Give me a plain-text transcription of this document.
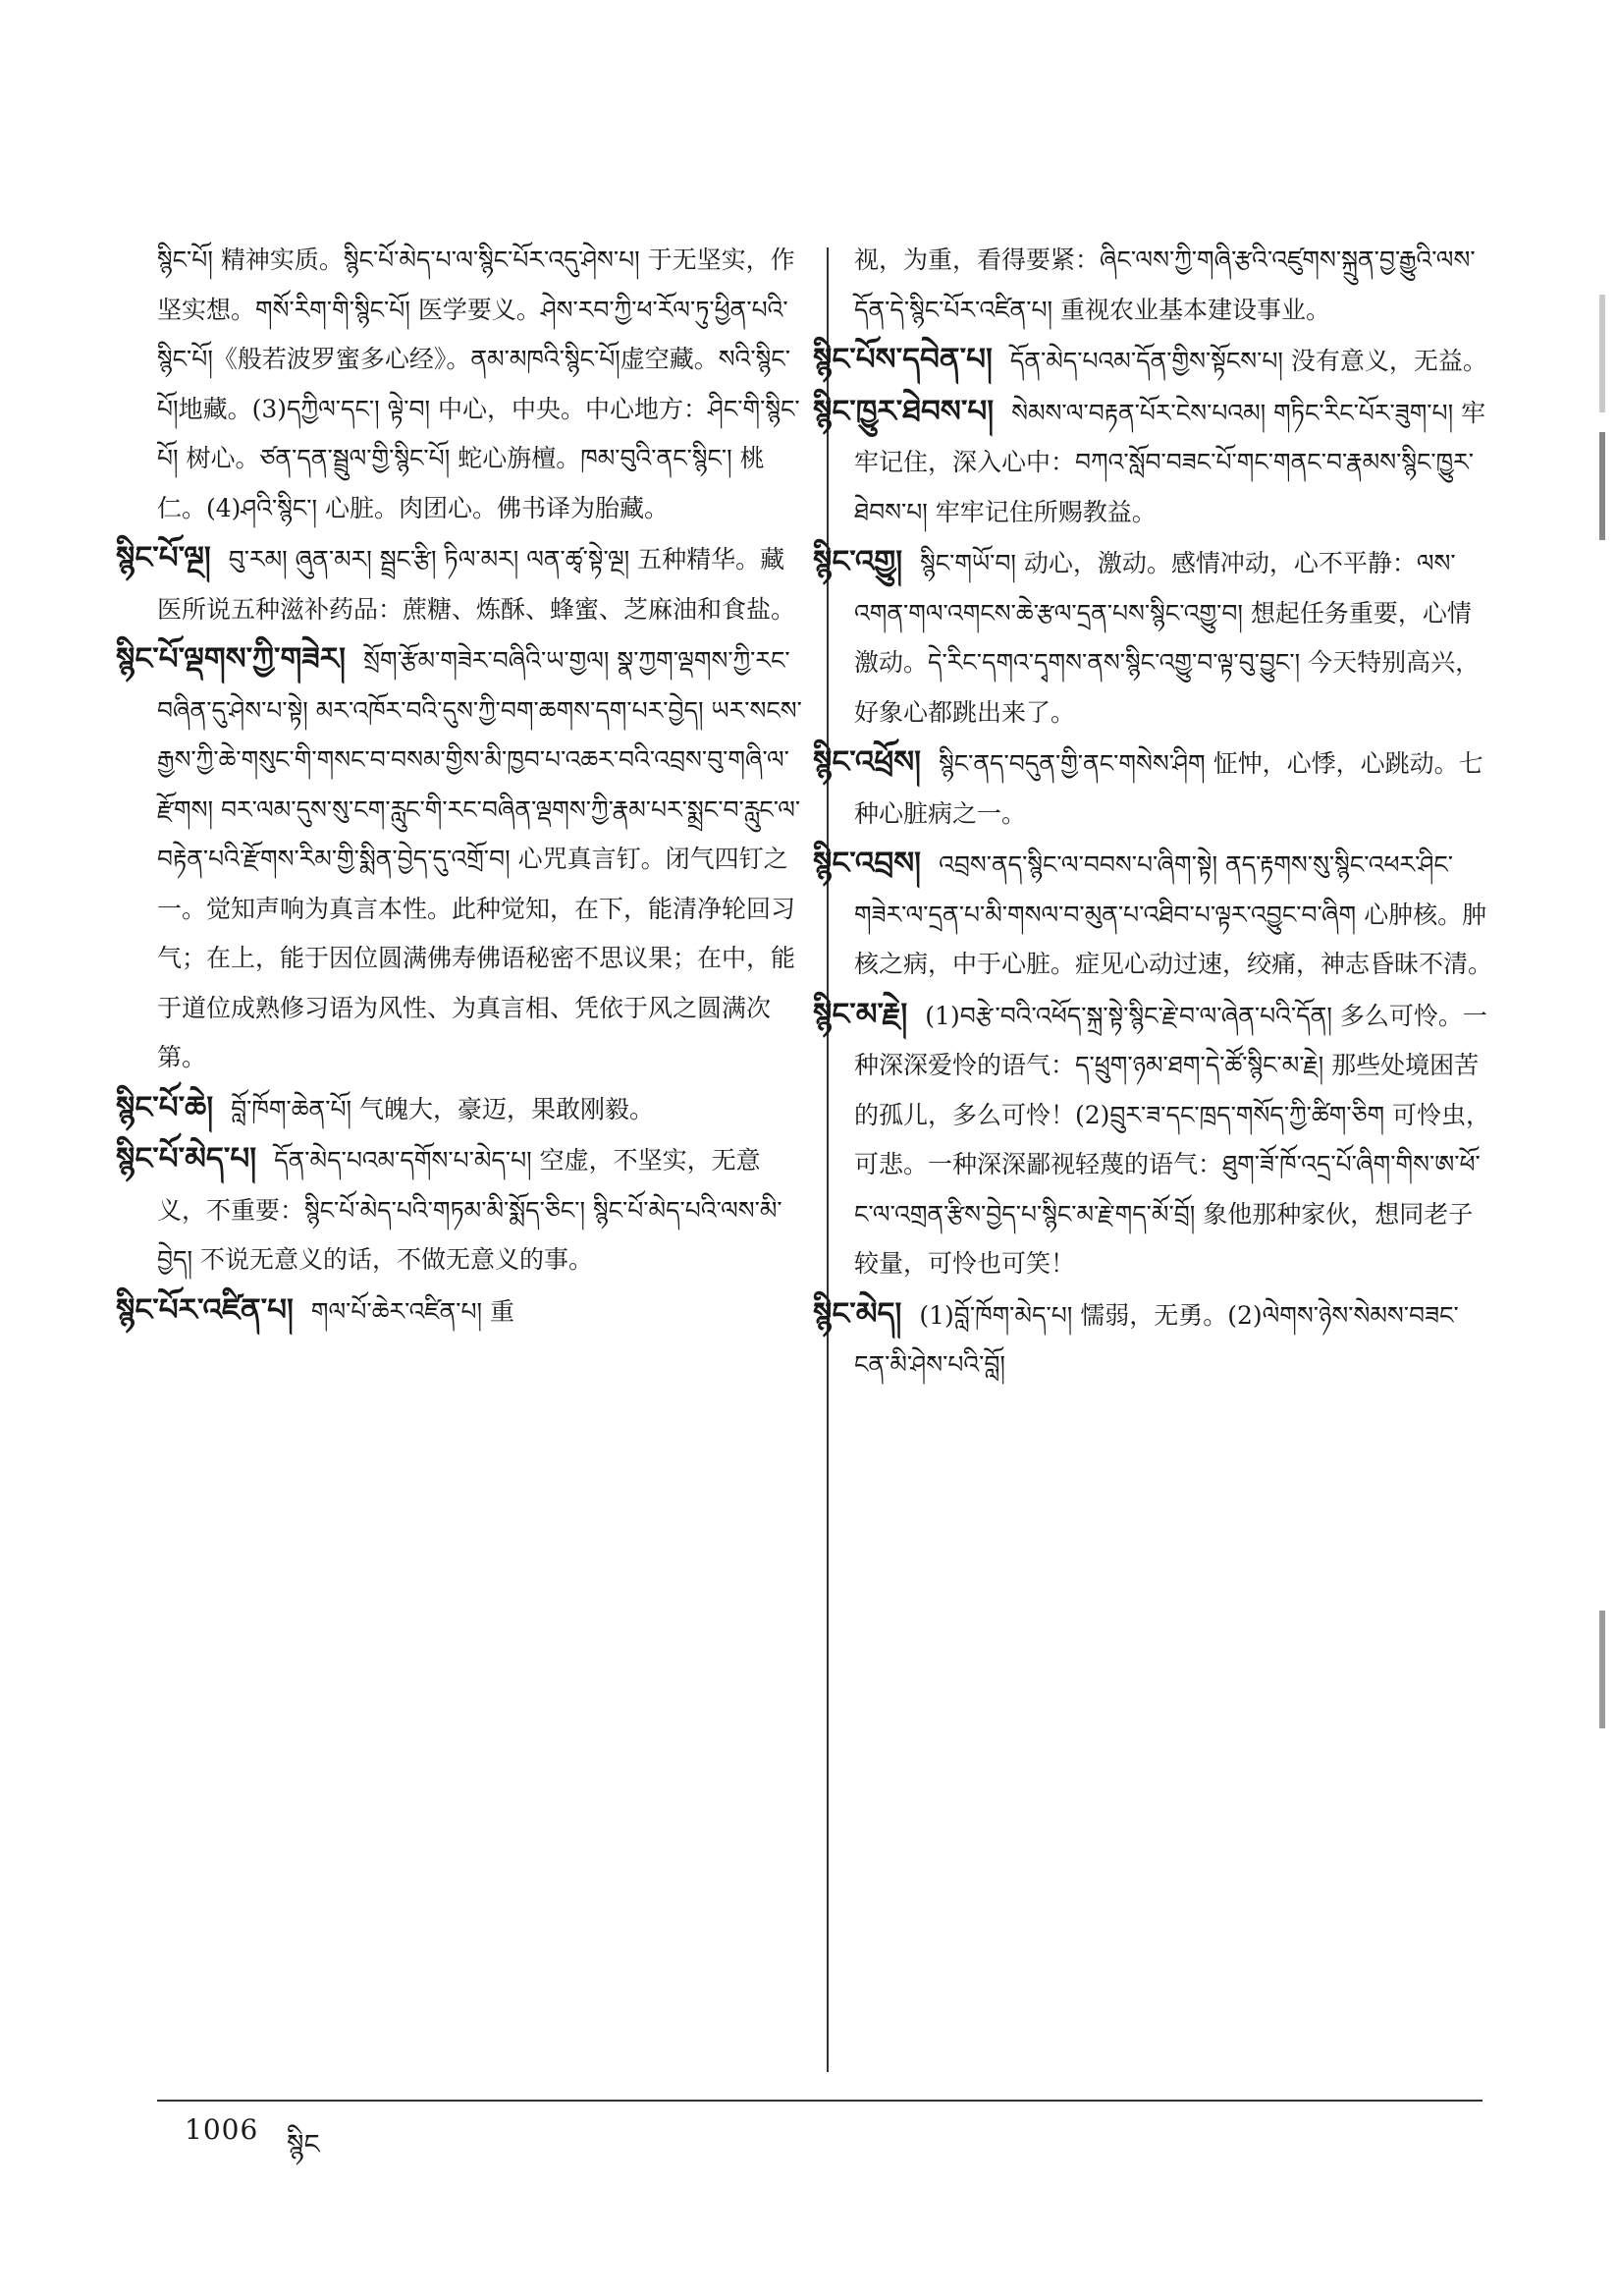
སྙིང་པོ། 精神实质。སྙིང་པོ་མེད་པ་ལ་སྙིང་པོར་འདུ་ཤེས་པ། 于无坚实，作坚实想。གསོ་རིག་གི་སྙིང་པོ། 医学要义。ཤེས་རབ་ཀྱི་ཕ་རོལ་ཏུ་ཕྱིན་པའི་སྙིང་པོ།《般若波罗蜜多心经》。ནམ་མཁའི་སྙིང་པོ།虚空藏。སའི་སྙིང་པོ།地藏。(3)དཀྱིལ་དང་། ལྟེ་བ། 中心，中央。中心地方：ཤིང་གི་སྙིང་པོ། 树心。ཙན་དན་སྦྲུལ་གྱི་སྙིང་པོ། 蛇心旃檀。ཁམ་བུའི་ནང་སྙིང་། 桃仁。(4)ཤའི་སྙིང་། 心脏。肉团心。佛书译为胎藏。

སྙིང་པོ་ལྔ། བུ་རམ། ཞུན་མར། སྦྲང་རྩི། ཏིལ་མར། ལན་ཚྭ་སྟེ་ལྔ། 五种精华。藏医所说五种滋补药品：蔗糖、炼酥、蜂蜜、芝麻油和食盐。

སྙིང་པོ་ལྡགས་ཀྱི་གཟེར། སྲོག་རྩོམ་གཟེར་བཞིའི་ཡ་གྱལ། སྣ་ཀྱག་ལྡགས་ཀྱི་རང་བཞིན་དུ་ཤེས་པ་སྟེ། མར་འཁོར་བའི་དུས་ཀྱི་བག་ཆགས་དག་པར་བྱེད། ཡར་སངས་རྒྱས་ཀྱི་ཆེ་གསུང་གི་གསང་བ་བསམ་གྱིས་མི་ཁྱབ་པ་འཆར་བའི་འབྲས་བུ་གཞི་ལ་རྫོགས། བར་ལམ་དུས་སུ་ངག་རླུང་གི་རང་བཞིན་ལྡགས་ཀྱི་རྣམ་པར་སྨྲང་བ་རླུང་ལ་བརྟེན་པའི་རྫོགས་རིམ་གྱི་སྨིན་བྱེད་དུ་འགྲོ་བ། 心咒真言钉。闭气四钉之一。觉知声响为真言本性。此种觉知，在下，能清净轮回习气；在上，能于因位圆满佛寿佛语秘密不思议果；在中，能于道位成熟修习语为风性、为真言相、凭依于风之圆满次第。

སྙིང་པོ་ཆེ། བློ་ཁོག་ཆེན་པོ། 气魄大，豪迈，果敢刚毅。

སྙིང་པོ་མེད་པ། དོན་མེད་པའམ་དགོས་པ་མེད་པ། 空虚，不坚实，无意义，不重要：སྙིང་པོ་མེད་པའི་གཏམ་མི་སྨོད་ཅིང་། སྙིང་པོ་མེད་པའི་ལས་མི་བྱེད། 不说无意义的话，不做无意义的事。

སྙིང་པོར་འཛིན་པ། གལ་པོ་ཆེར་འཛིན་པ། 重

视，为重，看得要紧：ཞིང་ལས་ཀྱི་གཞི་རྩའི་འཛུགས་སྐྲུན་བྱ་རྒྱུའི་ལས་དོན་དེ་སྙིང་པོར་འཛིན་པ། 重视农业基本建设事业。

སྙིང་པོས་དབེན་པ། དོན་མེད་པའམ་དོན་གྱིས་སྟོངས་པ། 没有意义，无益。

སྙིང་ཁྱུར་ཐེབས་པ། སེམས་ལ་བརྟན་པོར་ངེས་པའམ། གཏིང་རིང་པོར་ཟུག་པ། 牢牢记住，深入心中：བཀའ་སློབ་བཟང་པོ་གང་གནང་བ་རྣམས་སྙིང་ཁྱུར་ཐེབས་པ། 牢牢记住所赐教益。

སྙིང་འགྱུ། སྙིང་གཡོ་བ། 动心，激动。感情冲动，心不平静：ལས་འགན་གལ་འགངས་ཆེ་རྩལ་དྲན་པས་སྙིང་འགྱུ་བ། 想起任务重要，心情激动。དེ་རིང་དགའ་དྭགས་ནས་སྙིང་འགྱུ་བ་ལྟ་བུ་བྱུང་། 今天特别高兴，好象心都跳出来了。

སྙིང་འཕྲོས། སྙིང་ནད་བདུན་གྱི་ནང་གསེས་ཤིག 怔忡，心悸，心跳动。七种心脏病之一。

སྙིང་འབྲས། འབྲས་ནད་སྙིང་ལ་བབས་པ་ཞིག་སྟེ། ནད་རྟགས་སུ་སྙིང་འཕར་ཤིང་གཟེར་ལ་དྲན་པ་མི་གསལ་བ་མུན་པ་འཐིབ་པ་ལྟར་འབྱུང་བ་ཞིག 心肿核。肿核之病，中于心脏。症见心动过速，绞痛，神志昏昧不清。

སྙིང་མ་རྗེ། (1)བརྩེ་བའི་འཕོད་སྐྲ་སྟེ་སྙིང་རྗེ་བ་ལ་ཞེན་པའི་དོན། 多么可怜。一种深深爱怜的语气：ད་ཕྲུག་ཉམ་ཐག་དེ་ཚོ་སྙིང་མ་རྗེ། 那些处境困苦的孤儿，多么可怜！(2)བྲུར་ཟ་དང་ཁྲད་གསོད་ཀྱི་ཚིག་ཅིག 可怜虫，可悲。一种深深鄙视轻蔑的语气：ཐུག་ཟོ་ཁོ་འདྲ་པོ་ཞིག་གིས་ཨ་ཕོ་ང་ལ་འགྲན་རྩིས་བྱེད་པ་སྙིང་མ་རྗེ་གད་མོ་བྲོ། 象他那种家伙，想同老子较量，可怜也可笑！

སྙིང་མེད། (1)བློ་ཁོག་མེད་པ། 懦弱，无勇。(2)ལེགས་ཉེས་སེམས་བཟང་ངན་མི་ཤེས་པའི་བློ།

1006 སྙིང
